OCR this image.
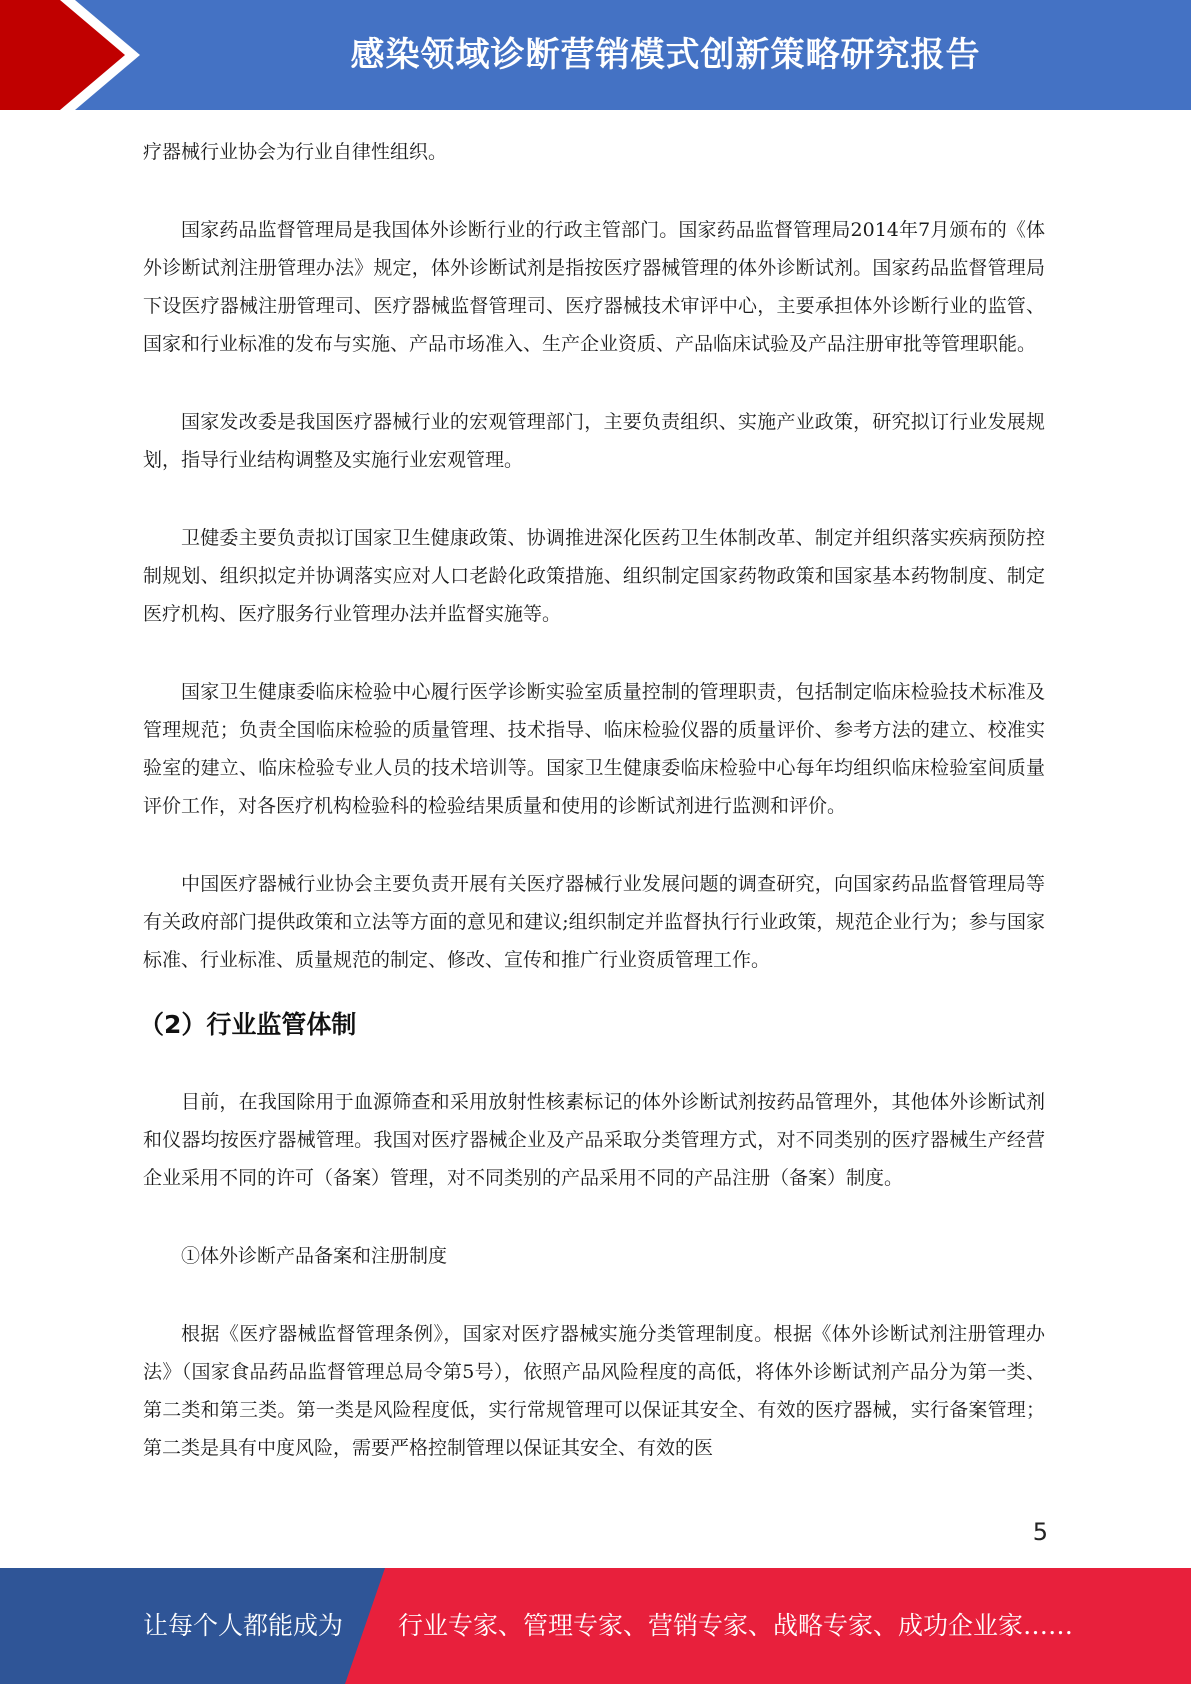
感染领域诊断营销模式创新策略研究报告

疗器械行业协会为行业自律性组织。

国家药品监督管理局是我国体外诊断行业的行政主管部门。国家药品监督管理局2014年7月颁布的《体外诊断试剂注册管理办法》规定，体外诊断试剂是指按医疗器械管理的体外诊断试剂。国家药品监督管理局下设医疗器械注册管理司、医疗器械监督管理司、医疗器械技术审评中心，主要承担体外诊断行业的监管、国家和行业标准的发布与实施、产品市场准入、生产企业资质、产品临床试验及产品注册审批等管理职能。

国家发改委是我国医疗器械行业的宏观管理部门，主要负责组织、实施产业政策，研究拟订行业发展规划，指导行业结构调整及实施行业宏观管理。

卫健委主要负责拟订国家卫生健康政策、协调推进深化医药卫生体制改革、制定并组织落实疾病预防控制规划、组织拟定并协调落实应对人口老龄化政策措施、组织制定国家药物政策和国家基本药物制度、制定医疗机构、医疗服务行业管理办法并监督实施等。

国家卫生健康委临床检验中心履行医学诊断实验室质量控制的管理职责，包括制定临床检验技术标准及管理规范；负责全国临床检验的质量管理、技术指导、临床检验仪器的质量评价、参考方法的建立、校准实验室的建立、临床检验专业人员的技术培训等。国家卫生健康委临床检验中心每年均组织临床检验室间质量评价工作，对各医疗机构检验科的检验结果质量和使用的诊断试剂进行监测和评价。

中国医疗器械行业协会主要负责开展有关医疗器械行业发展问题的调查研究，向国家药品监督管理局等有关政府部门提供政策和立法等方面的意见和建议;组织制定并监督执行行业政策，规范企业行为；参与国家标准、行业标准、质量规范的制定、修改、宣传和推广行业资质管理工作。

（2）行业监管体制

目前，在我国除用于血源筛查和采用放射性核素标记的体外诊断试剂按药品管理外，其他体外诊断试剂和仪器均按医疗器械管理。我国对医疗器械企业及产品采取分类管理方式，对不同类别的医疗器械生产经营企业采用不同的许可（备案）管理，对不同类别的产品采用不同的产品注册（备案）制度。

①体外诊断产品备案和注册制度

根据《医疗器械监督管理条例》，国家对医疗器械实施分类管理制度。根据《体外诊断试剂注册管理办法》（国家食品药品监督管理总局令第5号），依照产品风险程度的高低，将体外诊断试剂产品分为第一类、第二类和第三类。第一类是风险程度低，实行常规管理可以保证其安全、有效的医疗器械，实行备案管理；第二类是具有中度风险，需要严格控制管理以保证其安全、有效的医

5
让每个人都能成为 行业专家、管理专家、营销专家、战略专家、成功企业家……
